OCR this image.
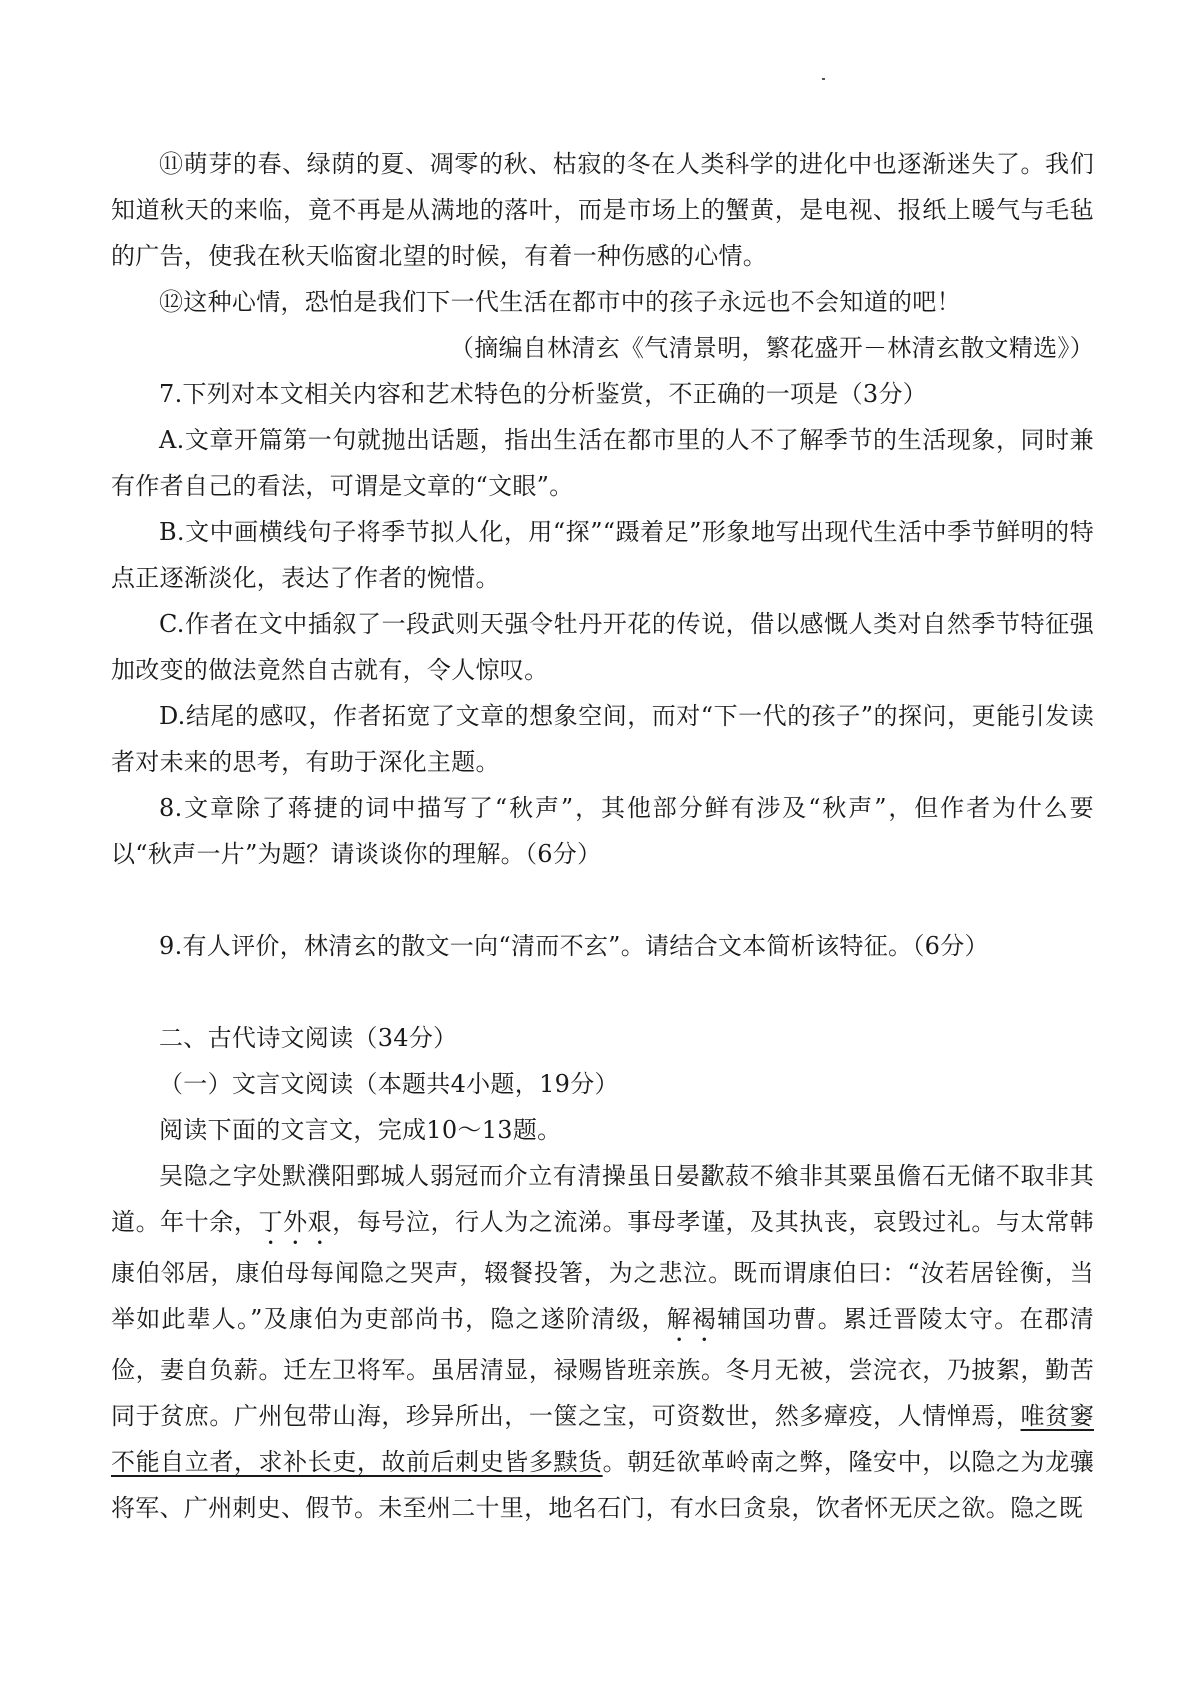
⑪萌芽的春、绿荫的夏、凋零的秋、枯寂的冬在人类科学的进化中也逐渐迷失了。我们知道秋天的来临，竟不再是从满地的落叶，而是市场上的蟹黄，是电视、报纸上暖气与毛毡的广告，使我在秋天临窗北望的时候，有着一种伤感的心情。

⑫这种心情，恐怕是我们下一代生活在都市中的孩子永远也不会知道的吧！

（摘编自林清玄《气清景明，繁花盛开－林清玄散文精选》）

7.下列对本文相关内容和艺术特色的分析鉴赏，不正确的一项是（3分）

A.文章开篇第一句就抛出话题，指出生活在都市里的人不了解季节的生活现象，同时兼有作者自己的看法，可谓是文章的“文眼”。

B.文中画横线句子将季节拟人化，用“探”“蹑着足”形象地写出现代生活中季节鲜明的特点正逐渐淡化，表达了作者的惋惜。

C.作者在文中插叙了一段武则天强令牡丹开花的传说，借以感慨人类对自然季节特征强加改变的做法竟然自古就有，令人惊叹。

D.结尾的感叹，作者拓宽了文章的想象空间，而对“下一代的孩子”的探问，更能引发读者对未来的思考，有助于深化主题。

8.文章除了蒋捷的词中描写了“秋声”，其他部分鲜有涉及“秋声”，但作者为什么要以“秋声一片”为题？请谈谈你的理解。（6分）

9.有人评价，林清玄的散文一向“清而不玄”。请结合文本简析该特征。（6分）

二、古代诗文阅读（34分）

（一）文言文阅读（本题共4小题，19分）

阅读下面的文言文，完成10～13题。

吴隐之字处默濮阳鄄城人弱冠而介立有清操虽日晏歠菽不飨非其粟虽儋石无储不取非其道。年十余，丁外艰，每号泣，行人为之流涕。事母孝谨，及其执丧，哀毁过礼。与太常韩康伯邻居，康伯母每闻隐之哭声，辍餐投箸，为之悲泣。既而谓康伯曰：“汝若居铨衡，当举如此辈人。”及康伯为吏部尚书，隐之遂阶清级，解褐辅国功曹。累迁晋陵太守。在郡清俭，妻自负薪。迁左卫将军。虽居清显，禄赐皆班亲族。冬月无被，尝浣衣，乃披絮，勤苦同于贫庶。广州包带山海，珍异所出，一箧之宝，可资数世，然多瘴疫，人情惮焉，唯贫窭不能自立者，求补长吏，故前后刺史皆多黩货。朝廷欲革岭南之弊，隆安中，以隐之为龙骧将军、广州刺史、假节。未至州二十里，地名石门，有水曰贪泉，饮者怀无厌之欲。隐之既
